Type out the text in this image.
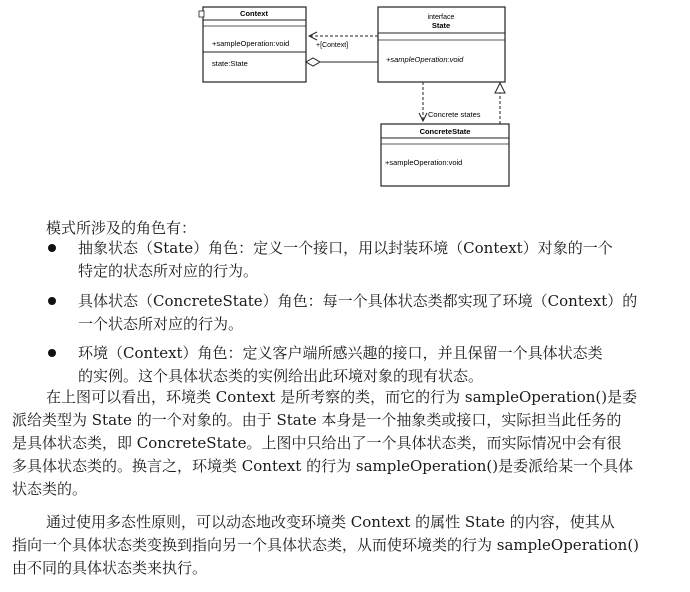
Context
+sampleOperation:void
state:State
interface
State
+sampleOperation:void
ConcreteState
+sampleOperation:void
+[Context]
Concrete states
模式所涉及的角色有：
抽象状态（State）角色：定义一个接口，用以封装环境（Context）对象的一个
特定的状态所对应的行为。
具体状态（ConcreteState）角色：每一个具体状态类都实现了环境（Context）的
一个状态所对应的行为。
环境（Context）角色：定义客户端所感兴趣的接口，并且保留一个具体状态类
的实例。这个具体状态类的实例给出此环境对象的现有状态。
在上图可以看出，环境类 Context 是所考察的类，而它的行为 sampleOperation()是委
派给类型为 State 的一个对象的。由于 State 本身是一个抽象类或接口，实际担当此任务的
是具体状态类，即 ConcreteState。上图中只给出了一个具体状态类，而实际情况中会有很
多具体状态类的。换言之，环境类 Context 的行为 sampleOperation()是委派给某一个具体
状态类的。
通过使用多态性原则，可以动态地改变环境类 Context 的属性 State 的内容，使其从
指向一个具体状态类变换到指向另一个具体状态类，从而使环境类的行为 sampleOperation()
由不同的具体状态类来执行。
